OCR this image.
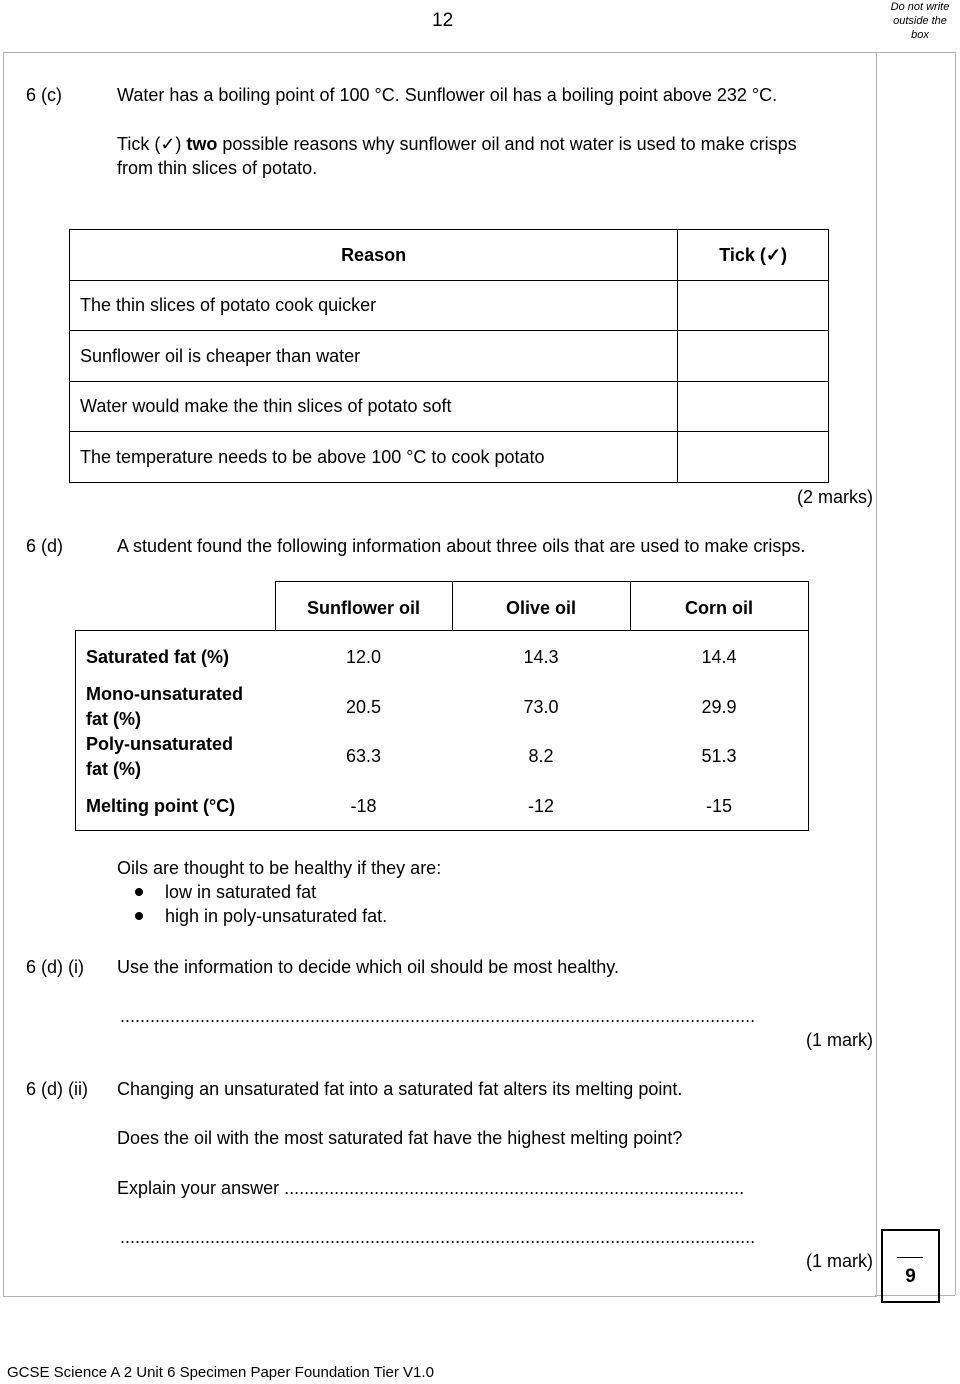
12
Do not write
outside the
box
6 (c)	Water has a boiling point of 100 °C. Sunflower oil has a boiling point above 232 °C.
Tick (✓) two possible reasons why sunflower oil and not water is used to make crisps
from thin slices of potato.
Reason	Tick (✓)
The thin slices of potato cook quicker	
Sunflower oil is cheaper than water	
Water would make the thin slices of potato soft	
The temperature needs to be above 100 °C to cook potato	
(2 marks)
6 (d)	A student found the following information about three oils that are used to make crisps.
Sunflower oil	Olive oil	Corn oil
Saturated fat (%)	12.0	14.3	14.4
Mono-unsaturated
fat (%)
20.5	73.0	29.9
Poly-unsaturated
fat (%)
63.3	8.2	51.3
Melting point (°C)	-18	-12	-15
Oils are thought to be healthy if they are:
low in saturated fat
high in poly-unsaturated fat.
6 (d) (i) Use the information to decide which oil should be most healthy.
...............................................................................................................................
(1 mark)
6 (d) (ii) Changing an unsaturated fat into a saturated fat alters its melting point.
Does the oil with the most saturated fat have the highest melting point?
Explain your answer ............................................................................................
...............................................................................................................................
(1 mark)
9
GCSE Science A 2 Unit 6 Specimen Paper Foundation Tier V1.0
